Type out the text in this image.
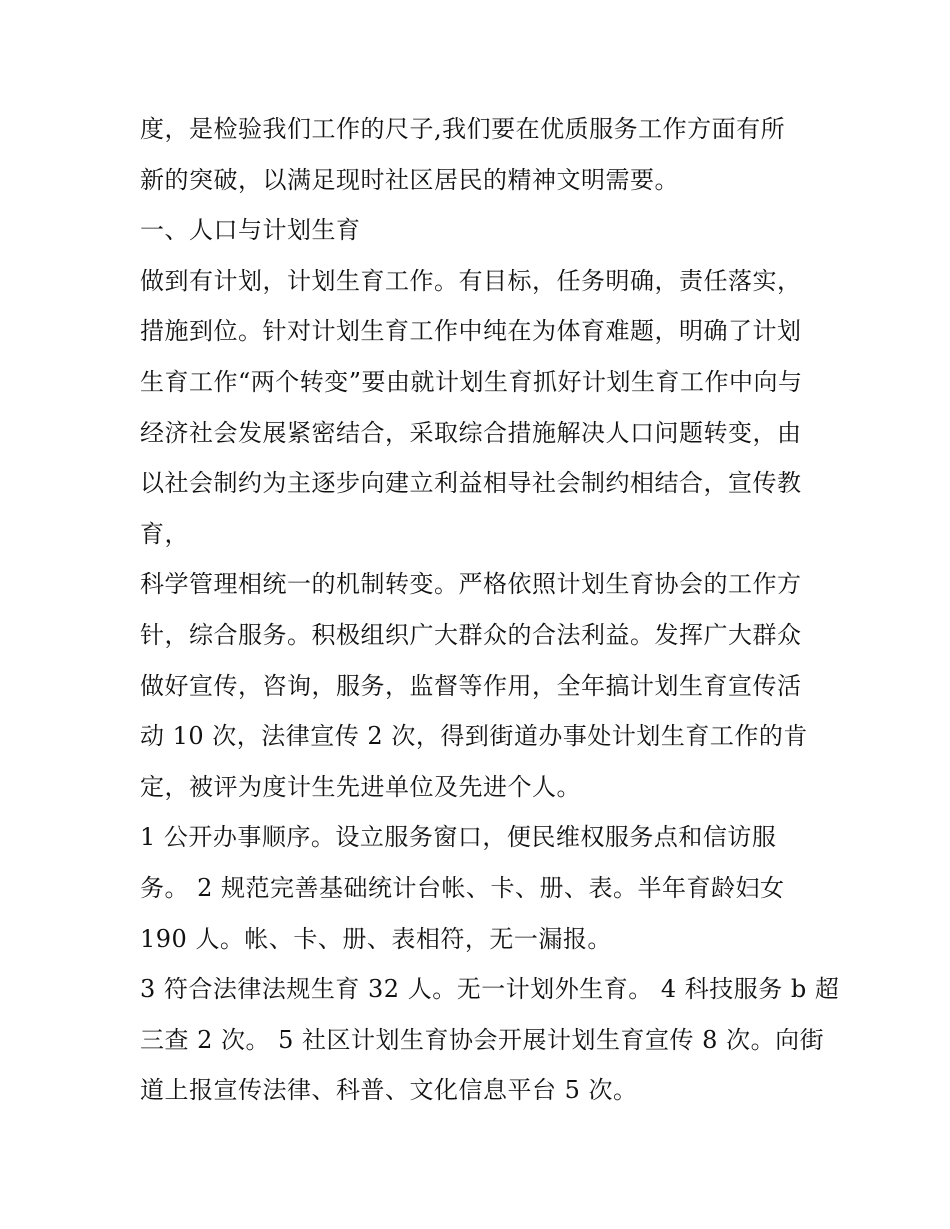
度，是检验我们工作的尺子,我们要在优质服务工作方面有所
新的突破，以满足现时社区居民的精神文明需要。
一、人口与计划生育
做到有计划，计划生育工作。有目标，任务明确，责任落实，
措施到位。针对计划生育工作中纯在为体育难题，明确了计划
生育工作“两个转变”要由就计划生育抓好计划生育工作中向与
经济社会发展紧密结合，采取综合措施解决人口问题转变，由
以社会制约为主逐步向建立利益相导社会制约相结合，宣传教
育，
科学管理相统一的机制转变。严格依照计划生育协会的工作方
针，综合服务。积极组织广大群众的合法利益。发挥广大群众
做好宣传，咨询，服务，监督等作用，全年搞计划生育宣传活
动 10 次，法律宣传 2 次，得到街道办事处计划生育工作的肯
定，被评为度计生先进单位及先进个人。
1 公开办事顺序。设立服务窗口，便民维权服务点和信访服
务。 2 规范完善基础统计台帐、卡、册、表。半年育龄妇女
190 人。帐、卡、册、表相符，无一漏报。
3 符合法律法规生育 32 人。无一计划外生育。 4 科技服务 b 超
三查 2 次。 5 社区计划生育协会开展计划生育宣传 8 次。向街
道上报宣传法律、科普、文化信息平台 5 次。
